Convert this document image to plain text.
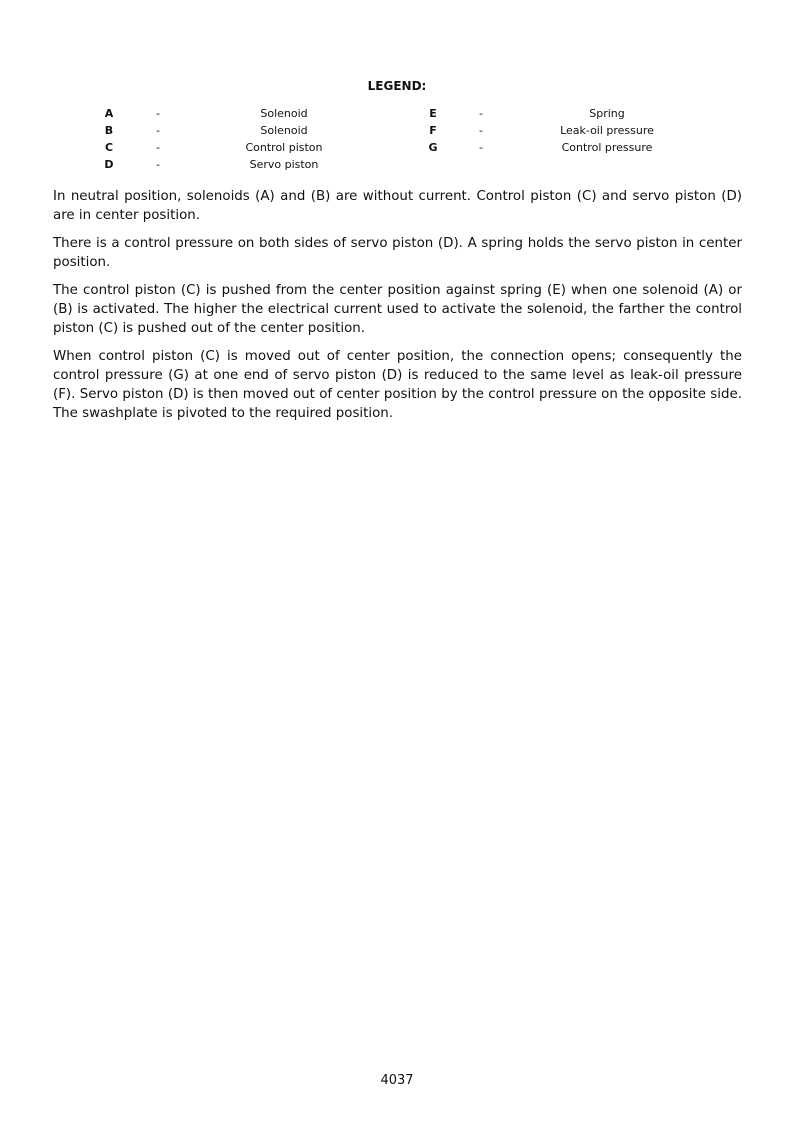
LEGEND:
A	-	Solenoid
B	-	Solenoid
C	-	Control piston
D	-	Servo piston
E	-	Spring
F	-	Leak-oil pressure
G	-	Control pressure

In neutral position, solenoids (A) and (B) are without current. Control piston (C) and servo piston (D) are in center position.

There is a control pressure on both sides of servo piston (D). A spring holds the servo piston in center position.

The control piston (C) is pushed from the center position against spring (E) when one solenoid (A) or (B) is activated. The higher the electrical current used to activate the solenoid, the farther the control piston (C) is pushed out of the center position.

When control piston (C) is moved out of center position, the connection opens; consequently the control pressure (G) at one end of servo piston (D) is reduced to the same level as leak-oil pressure (F). Servo piston (D) is then moved out of center position by the control pressure on the opposite side. The swashplate is pivoted to the required position.

4037
